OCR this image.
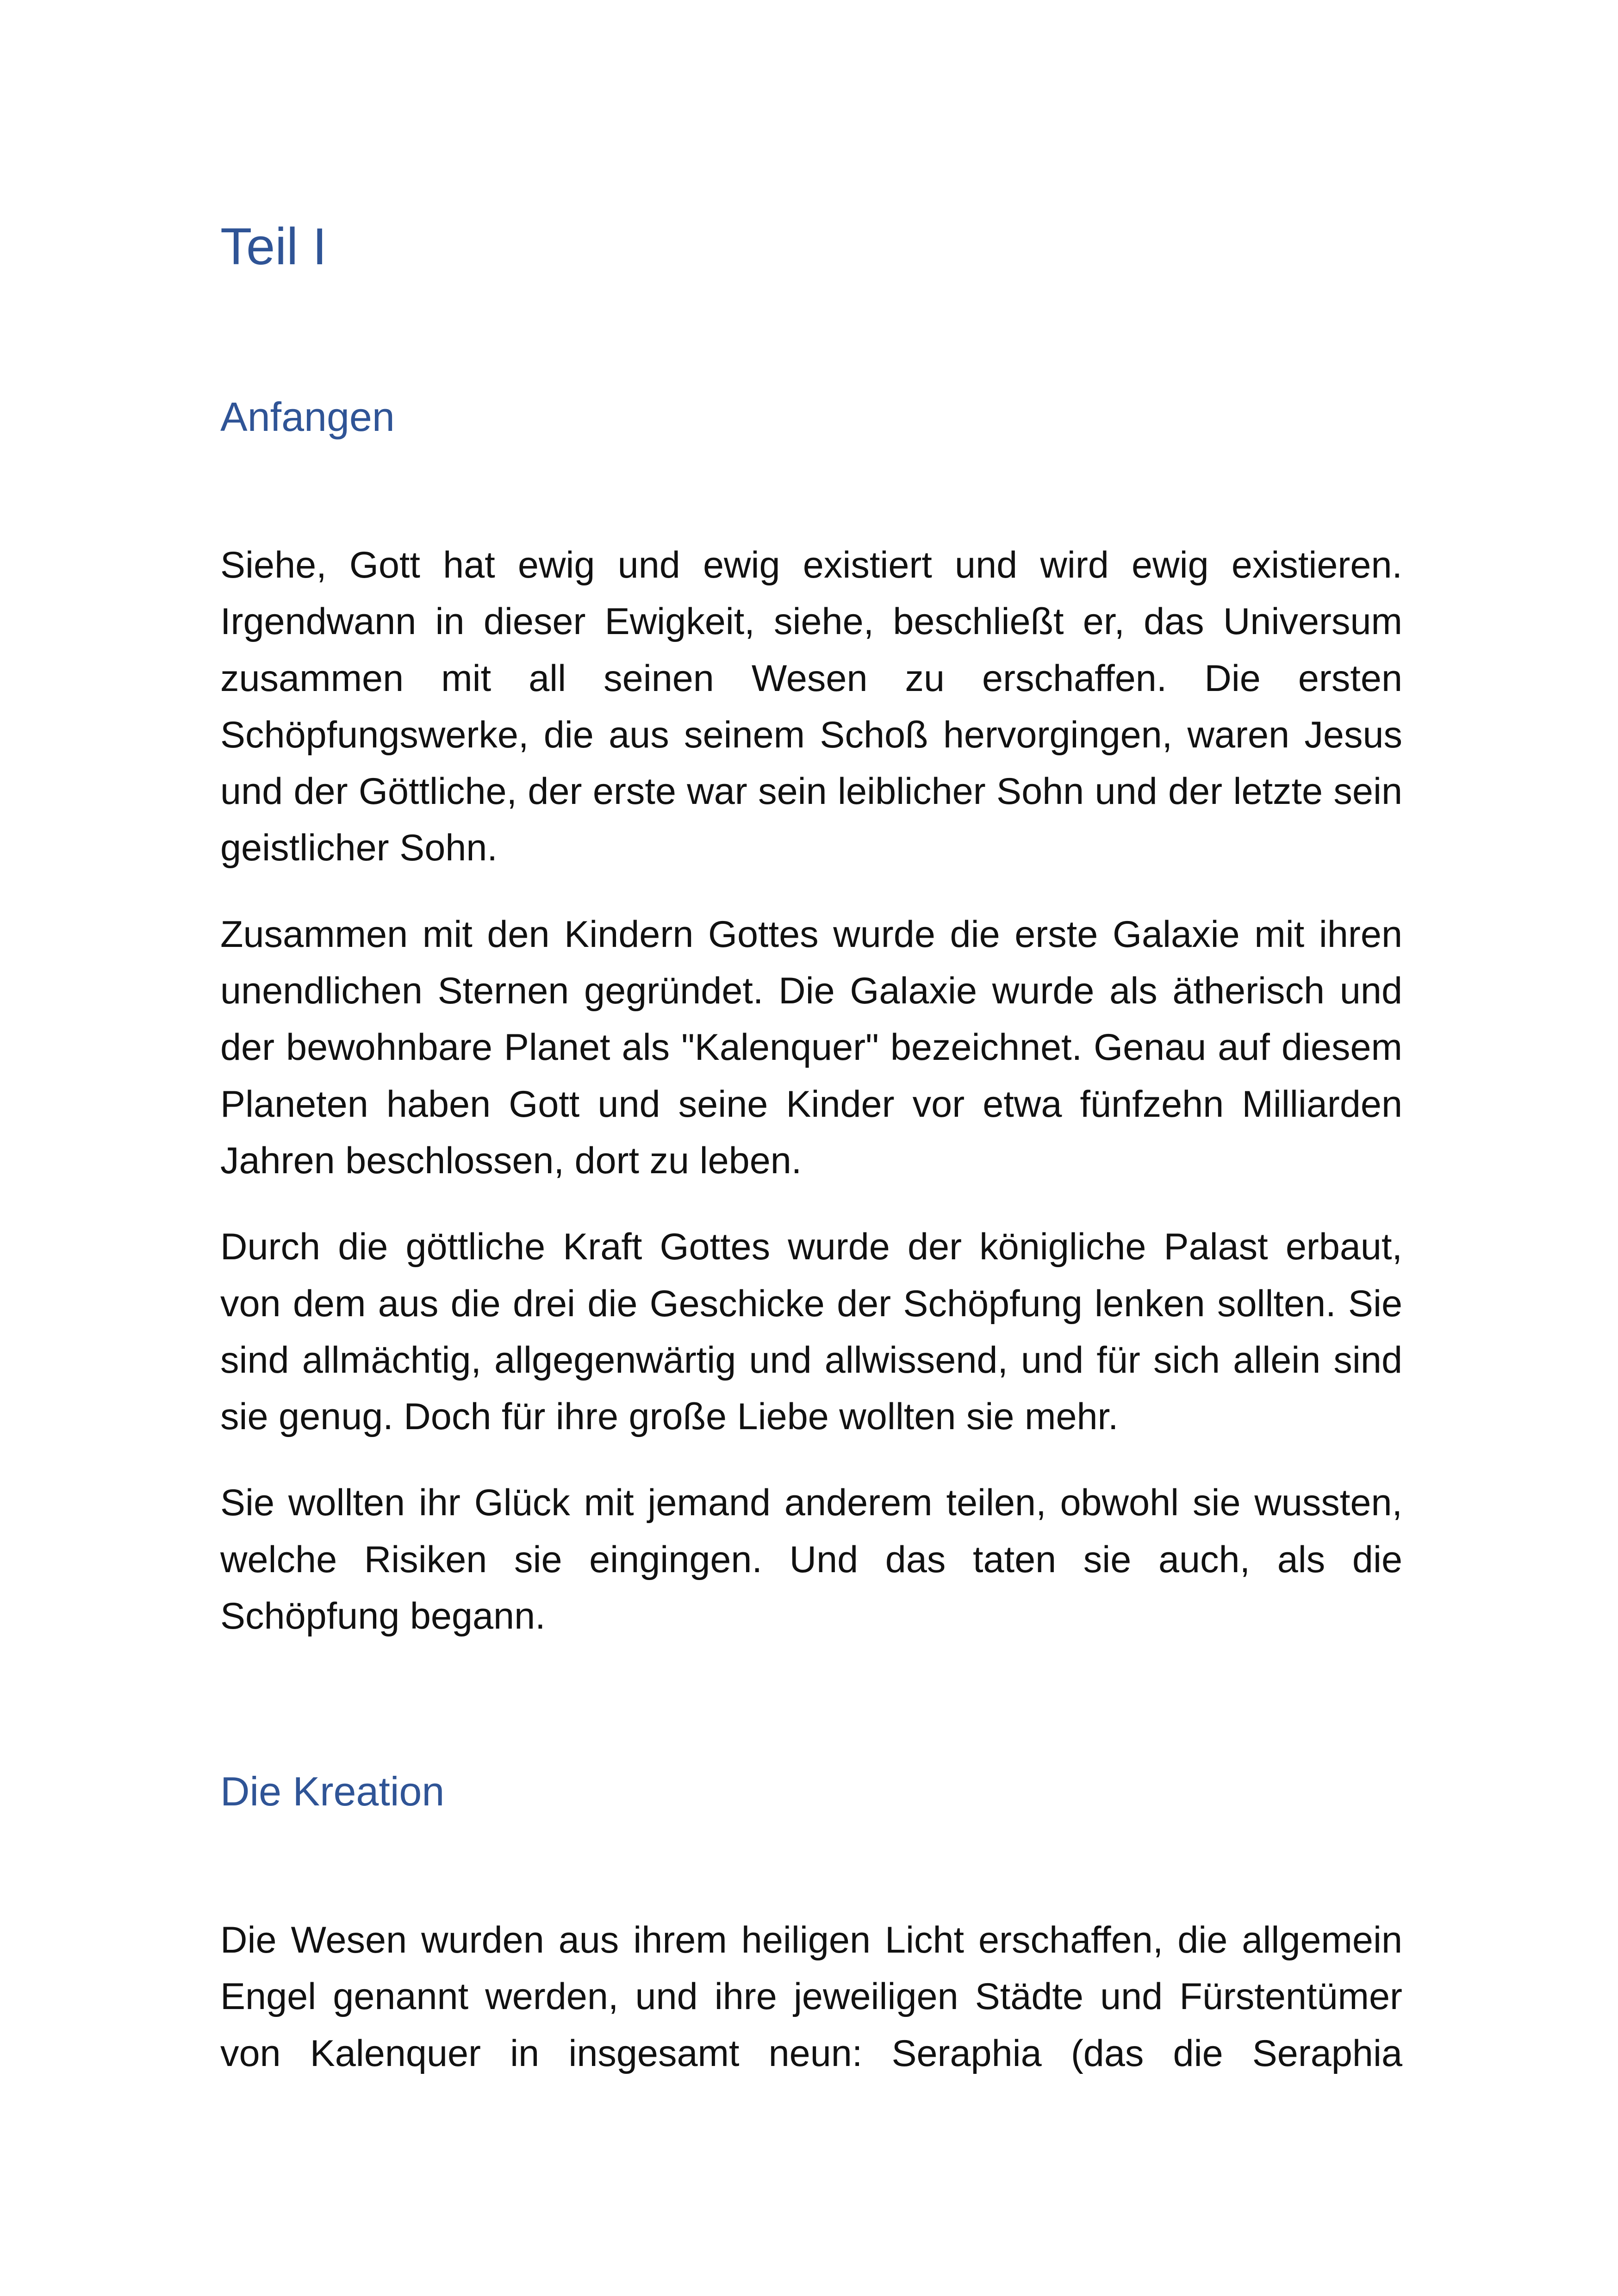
Teil I
Anfangen

Siehe, Gott hat ewig und ewig existiert und wird ewig existieren. Irgendwann in dieser Ewigkeit, siehe, beschließt er, das Universum zusammen mit all seinen Wesen zu erschaffen. Die ersten Schöpfungswerke, die aus seinem Schoß hervorgingen, waren Jesus und der Göttliche, der erste war sein leiblicher Sohn und der letzte sein geistlicher Sohn.

Zusammen mit den Kindern Gottes wurde die erste Galaxie mit ihren unendlichen Sternen gegründet. Die Galaxie wurde als ätherisch und der bewohnbare Planet als "Kalenquer" bezeichnet. Genau auf diesem Planeten haben Gott und seine Kinder vor etwa fünfzehn Milliarden Jahren beschlossen, dort zu leben.

Durch die göttliche Kraft Gottes wurde der königliche Palast erbaut, von dem aus die drei die Geschicke der Schöpfung lenken sollten. Sie sind allmächtig, allgegenwärtig und allwissend, und für sich allein sind sie genug. Doch für ihre große Liebe wollten sie mehr.

Sie wollten ihr Glück mit jemand anderem teilen, obwohl sie wussten, welche Risiken sie eingingen. Und das taten sie auch, als die Schöpfung begann.

Die Kreation

Die Wesen wurden aus ihrem heiligen Licht erschaffen, die allgemein Engel genannt werden, und ihre jeweiligen Städte und Fürstentümer von Kalenquer in insgesamt neun: Seraphia (das die Seraphia
